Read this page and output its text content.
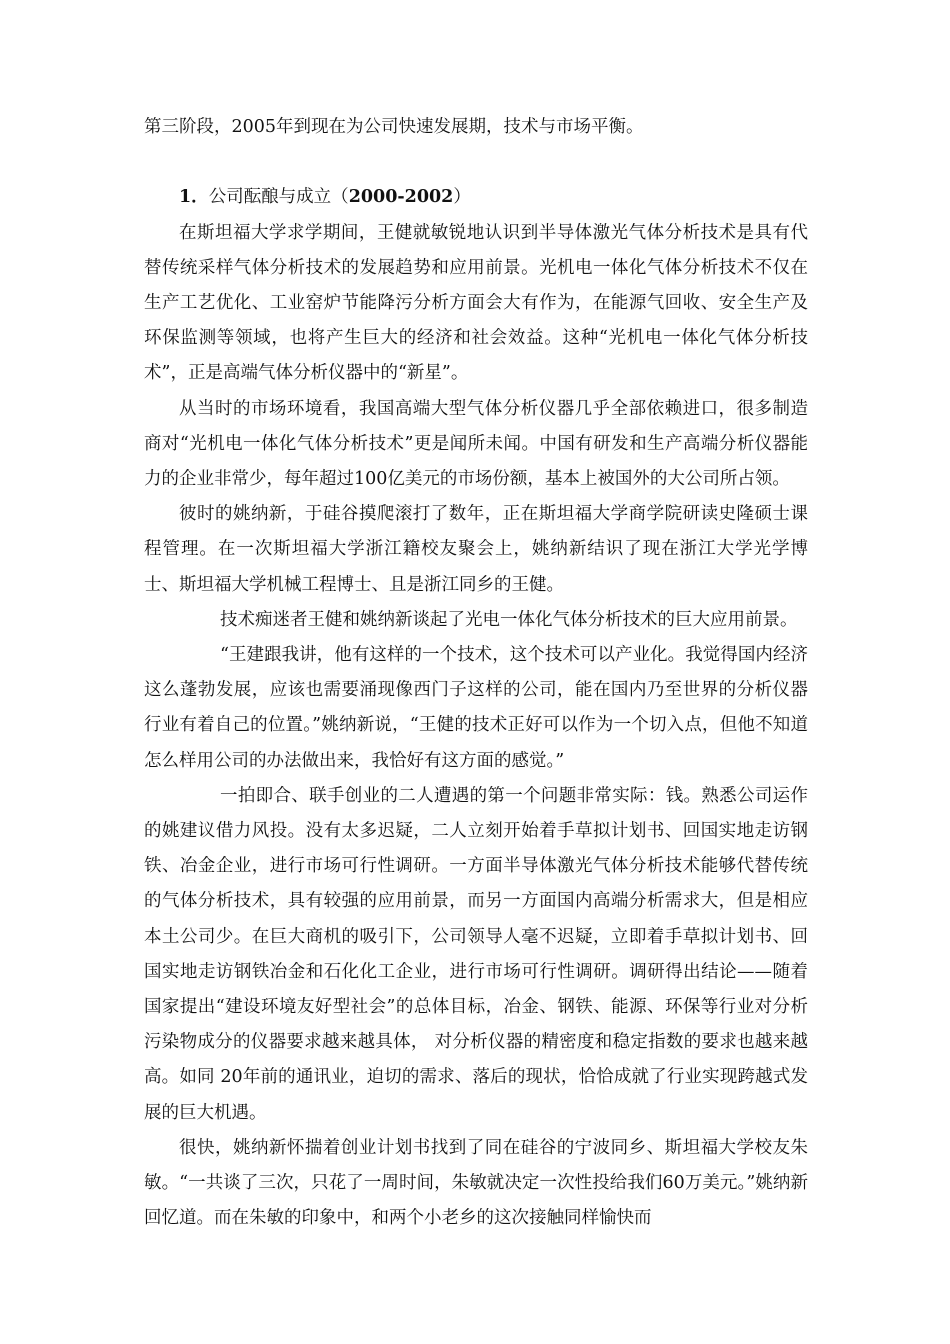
第三阶段，2005年到现在为公司快速发展期，技术与市场平衡。

1．公司酝酿与成立（2000-2002）

在斯坦福大学求学期间，王健就敏锐地认识到半导体激光气体分析技术是具有代替传统采样气体分析技术的发展趋势和应用前景。光机电一体化气体分析技术不仅在生产工艺优化、工业窑炉节能降污分析方面会大有作为，在能源气回收、安全生产及环保监测等领域，也将产生巨大的经济和社会效益。这种“光机电一体化气体分析技术”，正是高端气体分析仪器中的“新星”。

从当时的市场环境看，我国高端大型气体分析仪器几乎全部依赖进口，很多制造商对“光机电一体化气体分析技术”更是闻所未闻。中国有研发和生产高端分析仪器能力的企业非常少，每年超过100亿美元的市场份额，基本上被国外的大公司所占领。

彼时的姚纳新，于硅谷摸爬滚打了数年，正在斯坦福大学商学院研读史隆硕士课程管理。在一次斯坦福大学浙江籍校友聚会上，姚纳新结识了现在浙江大学光学博士、斯坦福大学机械工程博士、且是浙江同乡的王健。

技术痴迷者王健和姚纳新谈起了光电一体化气体分析技术的巨大应用前景。

“王建跟我讲，他有这样的一个技术，这个技术可以产业化。我觉得国内经济这么蓬勃发展，应该也需要涌现像西门子这样的公司，能在国内乃至世界的分析仪器行业有着自己的位置。”姚纳新说，“王健的技术正好可以作为一个切入点，但他不知道怎么样用公司的办法做出来，我恰好有这方面的感觉。”

一拍即合、联手创业的二人遭遇的第一个问题非常实际：钱。熟悉公司运作的姚建议借力风投。没有太多迟疑，二人立刻开始着手草拟计划书、回国实地走访钢铁、冶金企业，进行市场可行性调研。一方面半导体激光气体分析技术能够代替传统的气体分析技术，具有较强的应用前景，而另一方面国内高端分析需求大，但是相应本土公司少。在巨大商机的吸引下，公司领导人毫不迟疑，立即着手草拟计划书、回国实地走访钢铁冶金和石化化工企业，进行市场可行性调研。调研得出结论——随着国家提出“建设环境友好型社会”的总体目标，冶金、钢铁、能源、环保等行业对分析污染物成分的仪器要求越来越具体， 对分析仪器的精密度和稳定指数的要求也越来越高。如同 20年前的通讯业，迫切的需求、落后的现状，恰恰成就了行业实现跨越式发展的巨大机遇。

很快，姚纳新怀揣着创业计划书找到了同在硅谷的宁波同乡、斯坦福大学校友朱敏。“一共谈了三次，只花了一周时间，朱敏就决定一次性投给我们60万美元。”姚纳新回忆道。而在朱敏的印象中，和两个小老乡的这次接触同样愉快而
